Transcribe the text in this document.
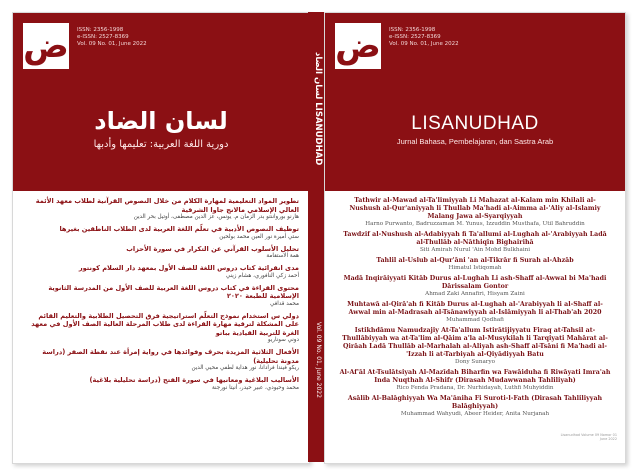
ض ISSN: 2356-1998
e-ISSN: 2527-8369
Vol. 09 No. 01, June 2022
لسان الضاد
دورية اللغة العربية: تعليمها وأدبها
تطوير المواد التعليمية لمهارة الكلام من خلال النصوص القرآنية لطلاب معهد الأئمة العالي الإسلامي مالانج جاوا الشرقية
هارنو بورواننتو بدر الزمان م. يونس، عز الدين مصطفى، أوتيل بحر الدين
توظيف النصوص الأدبية في تعلّم اللغة العربية لدى الطلاب الناطقين بغيرها
ستي أميرة نور العين محمد بولحين
تحليل الأسلوب القرآني عن التكرار في سورة الأحزاب
همة الاستقامة
مدى انقرائية كتاب دروس اللغة للصف الأول بمعهد دار السلام كونتور
أحمد زكي النافوري، هشام زيني
محتوى القراءة في كتاب دروس اللغة العربية للصف الأول من المدرسة الثانوية الإسلامية للطبعة ٢٠٢٠
محمد قدافي
دولي س استخدام نموذج التعلّم استراتيجية فرق التحصيل الطلابية والتعليم القائم على المشكلة لترقية مهارة القراءة لدى طلاب المرحلة العالية الصف الأول في معهد الغرة للتربية القيادية بباتو
دوني سوناريو
الأفعال الثلاثية المزيدة بحرف وفوائدها في رواية إمرأة عند نقطة الصفر (دراسة مدونة تحليلية)
ريكو فيندا فرادانا، نور هداية لطفي محيي الدين
الأساليب البلاغية ومعانيها في سورة الفتح (دراسة تحليلية بلاغية)
محمد وحيودي، عبير حيدر، أنيتا نورجنة
لسان الضاد LISANUDHAD
Vol. 09 No. 01, June 2022
ض ISSN: 2356-1998
e-ISSN: 2527-8369
Vol. 09 No. 01, June 2022
LISANUDHAD
Jurnal Bahasa, Pembelajaran, dan Sastra Arab
Tathwir al-Mawad al-Ta'limiyyah Li Mahazat al-Kalam min Khilali al-Nushush al-Qur'aniyyah li Thullab Ma'hadi al-Aimma al-'Aliy al-Islamiy Malang Jawa al-Syarqiyyah
Harno Purwanto, Badruzzaman M. Yunus, Izzuddin Musthafa, Util Bahruddin
Tawdzif al-Nushush al-Adabiyyah fi Ta'allumi al-Lughah al-'Arabiyyah Ladā al-Thullāb al-Nāthiqīn Bighairihā
Siti Amirah Nurul 'Ain Mohd Bulkhaini
Tahlil al-Uslub al-Qur'āni 'an al-Tikrār fi Surah al-Ahzāb
Himatul Istiqomah
Madā Inqirāiyyati Kitāb Durus al-Lughah Li ash-Shaff al-Awwal bi Ma'hadi Dārissalam Gontor
Ahmad Zaki Annafiri, Hisyam Zaini
Muhtawā al-Qirā'ah fi Kitāb Durus al-Lughah al-'Arabiyyah li al-Shaff al-Awwal min al-Madrasah al-Tsānawiyyah al-Islāmiyyah li al-Thab'ah 2020
Muhammad Qodhafi
Istikhdāmu Namudzajiy At-Ta'allum Istirātijiyyatu Firaq at-Tahsil at-Thullābiyyah wa at-Ta'lim al-Qāim a'la al-Musykilah li Tarqiyati Mahārat al-Qirāah Ladā Thullāb al-Marhalah al-Aliyah ash-Shaff al-Tsāni fi Ma'hadi al-'Izzah li at-Tarbiyah al-Qiyādiyyah Batu
Dony Sunaryo
Al-Af'āl At-Tsulātsiyah Al-Mazīdah Biharfin wa Fawāiduha fi Riwāyati Imra'ah Inda Nuqthah Al-Shifr (Dirasah Mudawwanah Tahliliyah)
Rico Fenda Pradana, Dr. Nurhidayah, Luthfi Muhyiddin
Asālib Al-Balāghiyyah Wa Ma'āniha Fi Suroti-l-Fath (Dirasah Tahliliyyah Balāghiyyah)
Muhammad Wahyudi, Abeer Heider, Anita Nurjanah
Lisanudhad Volume 09 Nomor 01 June 2022
